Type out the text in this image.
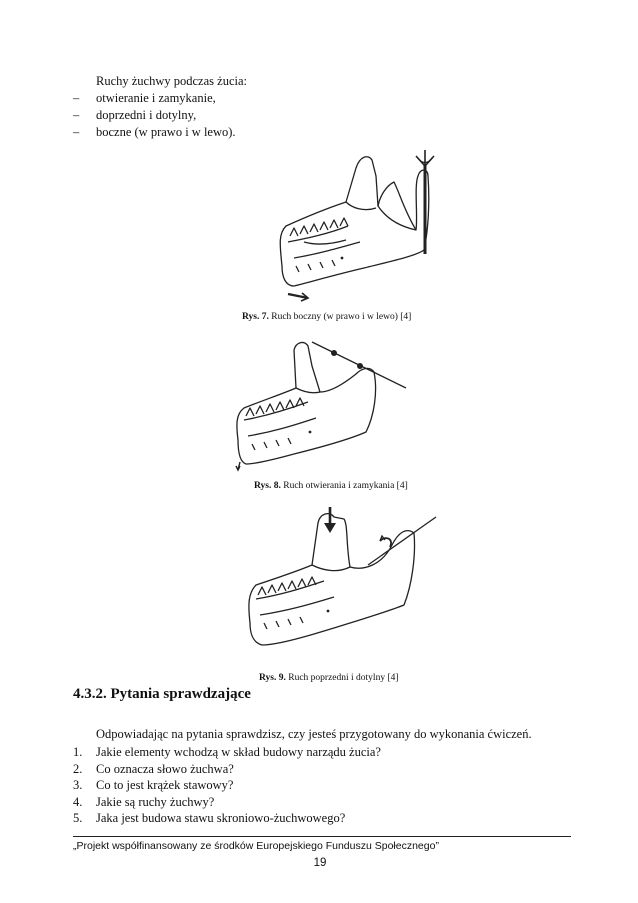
Ruchy żuchwy podczas żucia:
– otwieranie i zamykanie,
– doprzedni i dotylny,
– boczne (w prawo i w lewo).
Rys. 7. Ruch boczny (w prawo i w lewo) [4]
Rys. 8. Ruch otwierania i zamykania [4]
Rys. 9. Ruch poprzedni i dotylny [4]
4.3.2. Pytania sprawdzające
Odpowiadając na pytania sprawdzisz, czy jesteś przygotowany do wykonania ćwiczeń.
1. Jakie elementy wchodzą w skład budowy narządu żucia?
2. Co oznacza słowo żuchwa?
3. Co to jest krążek stawowy?
4. Jakie są ruchy żuchwy?
5. Jaka jest budowa stawu skroniowo-żuchwowego?
„Projekt współfinansowany ze środków Europejskiego Funduszu Społecznego”
19
